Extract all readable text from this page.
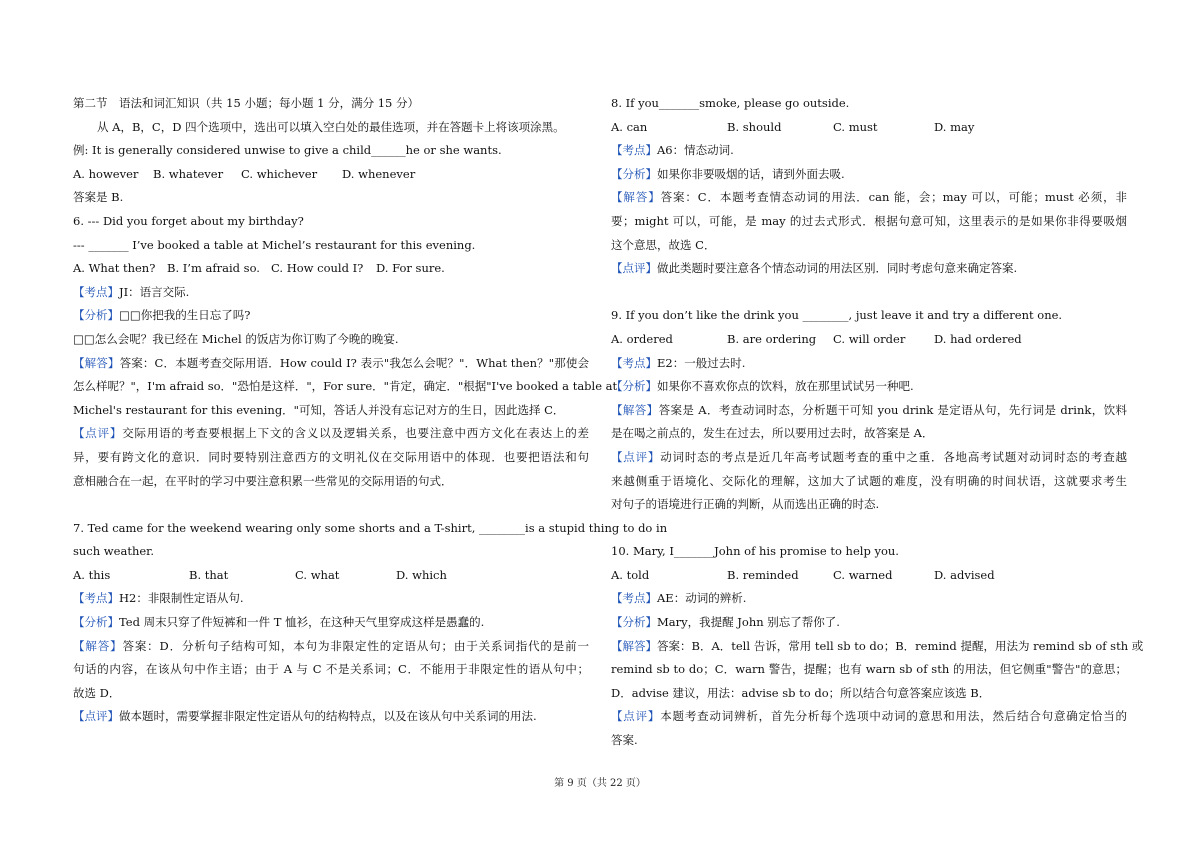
第二节　语法和词汇知识（共 15 小题；每小题 1 分，满分 15 分）
从 A，B，C，D 四个选项中，选出可以填入空白处的最佳选项，并在答题卡上将该项涂黑。
例: It is generally considered unwise to give a child______he or she wants.
A. however	B. whatever	C. whichever	D. whenever
答案是 B.
6. --- Did you forget about my birthday?
--- _______ I’ve booked a table at Michel’s restaurant for this evening.
A. What then?	B. I’m afraid so. C. How could I?	D. For sure.
【考点】JI：语言交际.
【分析】□□你把我的生日忘了吗?
□□怎么会呢？我已经在 Michel 的饭店为你订购了今晚的晚宴.
【解答】答案：C．本题考查交际用语．How could I? 表示"我怎么会呢？"．What then？"那使会
怎么样呢？"，I'm afraid so．"恐怕是这样．"，For sure．"肯定，确定．"根据"I've booked a table at
Michel's restaurant for this evening．"可知，答话人并没有忘记对方的生日，因此选择 C．
【点评】交际用语的考查要根据上下文的含义以及逻辑关系，也要注意中西方文化在表达上的差
异，要有跨文化的意识．同时要特别注意西方的文明礼仪在交际用语中的体现．也要把语法和句
意相融合在一起，在平时的学习中要注意积累一些常见的交际用语的句式．
7. Ted came for the weekend wearing only some shorts and a T-shirt, ________is a stupid thing to do in
such weather.
A. this	B. that	C. what	D. which
【考点】H2：非限制性定语从句.
【分析】Ted 周末只穿了件短裤和一件 T 恤衫，在这种天气里穿成这样是愚蠢的.
【解答】答案：D．分析句子结构可知，本句为非限定性的定语从句；由于关系词指代的是前一
句话的内容，在该从句中作主语；由于 A 与 C 不是关系词；C．不能用于非限定性的语从句中；
故选 D．
【点评】做本题时，需要掌握非限定性定语从句的结构特点，以及在该从句中关系词的用法.
8. If you_______smoke, please go outside.
A. can	B. should	C. must	D. may
【考点】A6：情态动词.
【分析】如果你非要吸烟的话，请到外面去吸.
【解答】答案：C．本题考查情态动词的用法．can 能，会；may 可以，可能；must 必须，非
要；might 可以，可能，是 may 的过去式形式．根据句意可知，这里表示的是如果你非得要吸烟
这个意思，故选 C．
【点评】做此类题时要注意各个情态动词的用法区别．同时考虑句意来确定答案.
9. If you don’t like the drink you ________, just leave it and try a different one.
A. ordered	B. are ordering	C. will order	D. had ordered
【考点】E2：一般过去时.
【分析】如果你不喜欢你点的饮料，放在那里试试另一种吧.
【解答】答案是 A．考查动词时态，分析题干可知 you drink 是定语从句，先行词是 drink，饮料
是在喝之前点的，发生在过去，所以要用过去时，故答案是 A．
【点评】动词时态的考点是近几年高考试题考查的重中之重．各地高考试题对动词时态的考查越
来越侧重于语境化、交际化的理解，这加大了试题的难度，没有明确的时间状语，这就要求考生
对句子的语境进行正确的判断，从而选出正确的时态.
10. Mary, I_______John of his promise to help you.
A. told	B. reminded	C. warned	D. advised
【考点】AE：动词的辨析.
【分析】Mary，我提醒 John 别忘了帮你了.
【解答】答案：B．A．tell 告诉，常用 tell sb to do；B．remind 提醒，用法为 remind sb of sth 或
remind sb to do；C．warn 警告，提醒；也有 warn sb of sth 的用法，但它侧重"警告"的意思；
D．advise 建议，用法：advise sb to do；所以结合句意答案应该选 B．
【点评】本题考查动词辨析，首先分析每个选项中动词的意思和用法，然后结合句意确定恰当的
答案.
第 9 页（共 22 页）
